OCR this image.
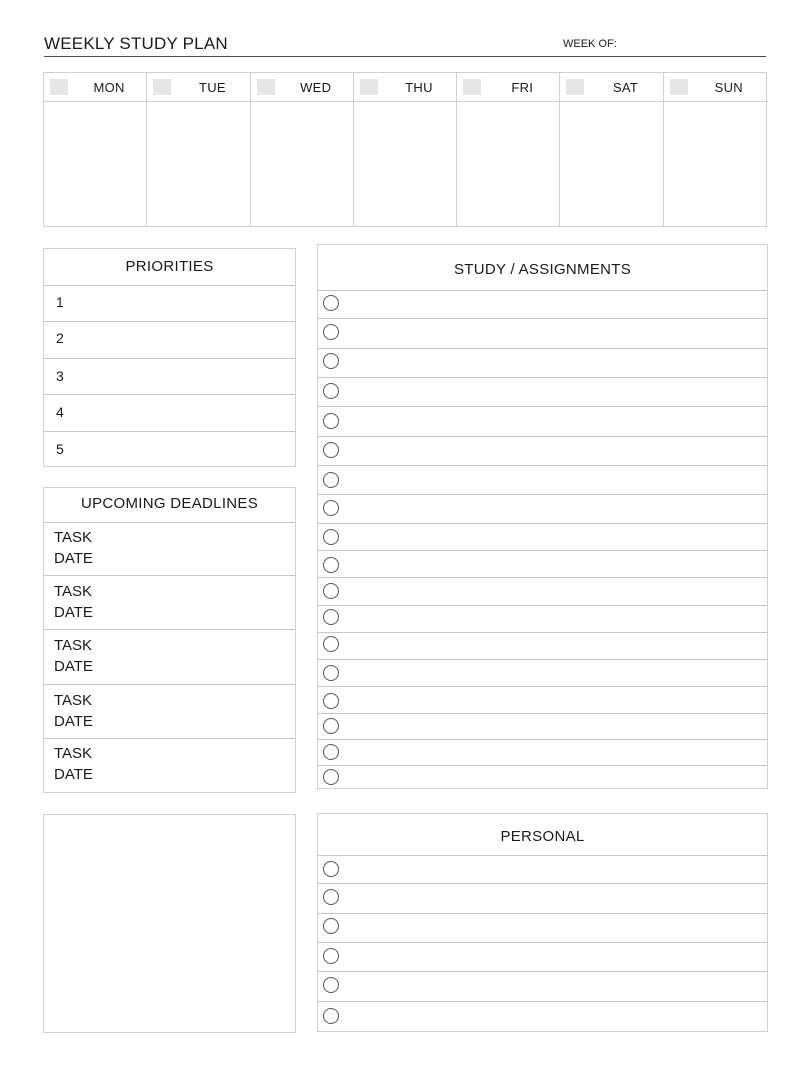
WEEKLY STUDY PLAN	WEEK OF:
MON	TUE	WED	THU	FRI	SAT	SUN
PRIORITIES
1
2
3
4
5
UPCOMING DEADLINES
TASK
DATE
TASK
DATE
TASK
DATE
TASK
DATE
TASK
DATE
STUDY / ASSIGNMENTS
PERSONAL
